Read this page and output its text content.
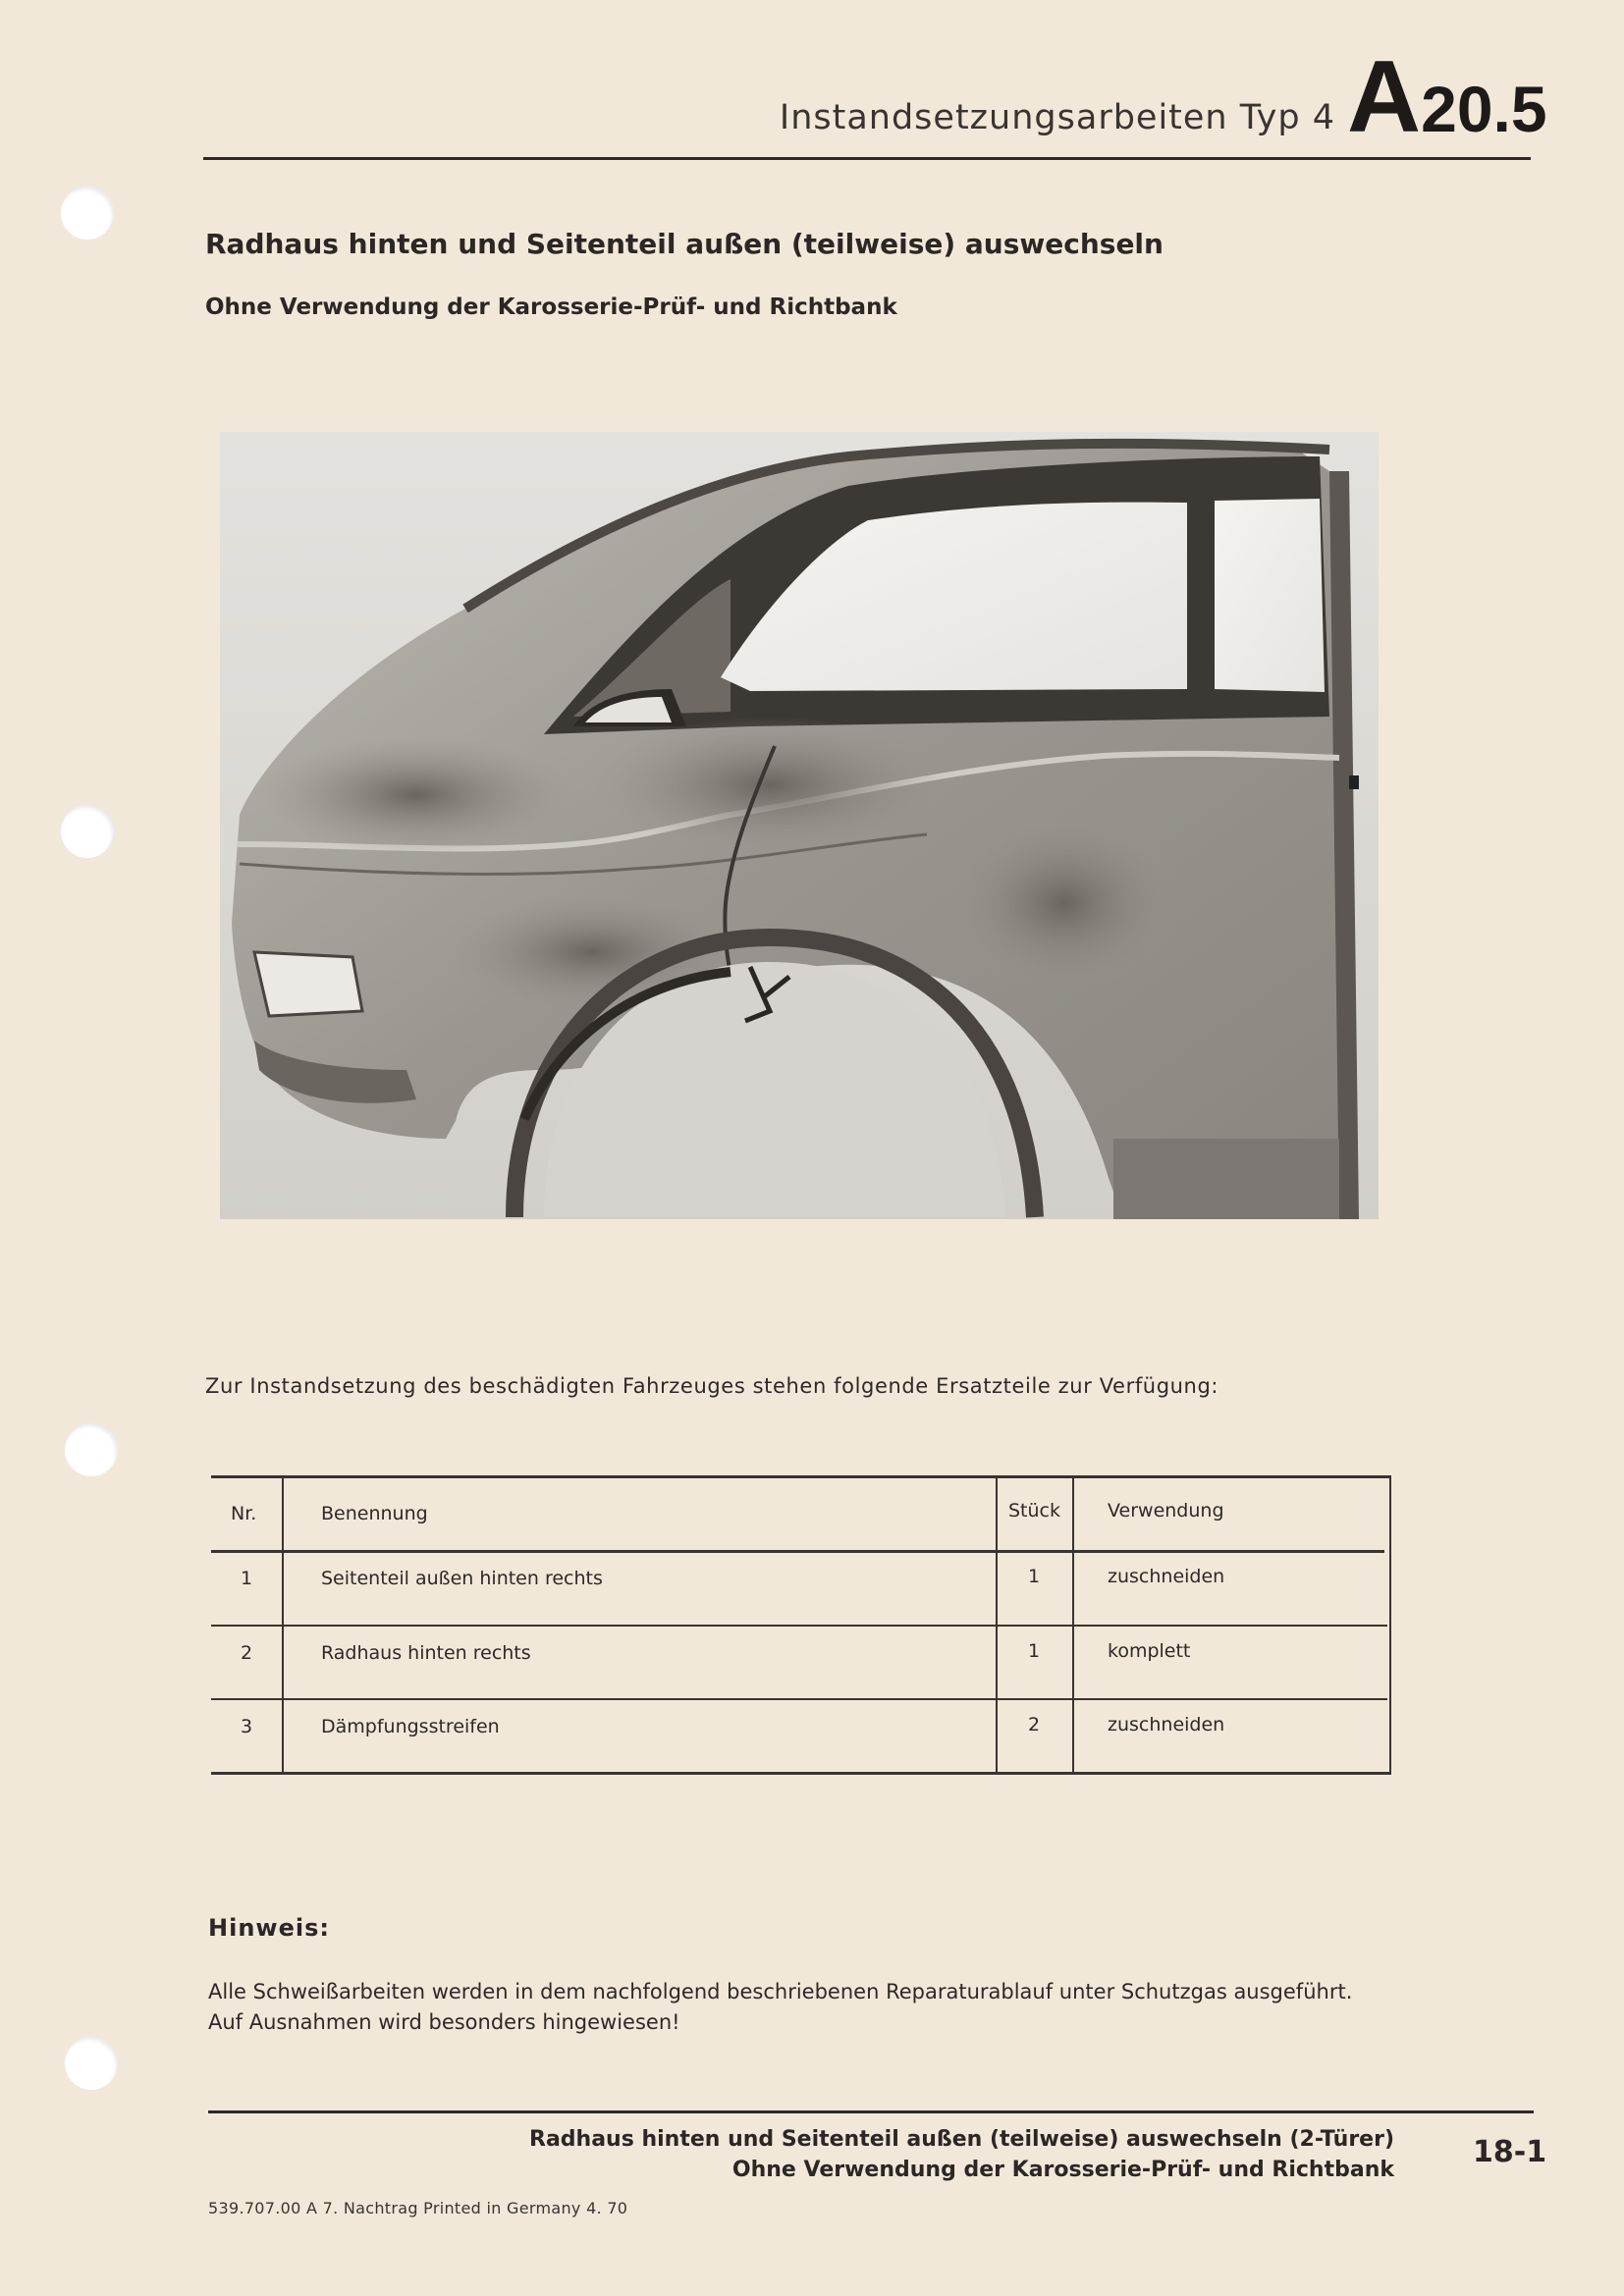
Instandsetzungsarbeiten Typ 4 A20.5
Radhaus hinten und Seitenteil außen (teilweise) auswechseln
Ohne Verwendung der Karosserie-Prüf- und Richtbank
Zur Instandsetzung des beschädigten Fahrzeuges stehen folgende Ersatzteile zur Verfügung:
Nr.	Benennung	Stück	Verwendung
1	Seitenteil außen hinten rechts	1	zuschneiden
2	Radhaus hinten rechts	1	komplett
3	Dämpfungsstreifen	2	zuschneiden
Hinweis:
Alle Schweißarbeiten werden in dem nachfolgend beschriebenen Reparaturablauf unter Schutzgas ausgeführt.
Auf Ausnahmen wird besonders hingewiesen!
Radhaus hinten und Seitenteil außen (teilweise) auswechseln (2-Türer)
Ohne Verwendung der Karosserie-Prüf- und Richtbank
18-1
539.707.00 A 7. Nachtrag Printed in Germany 4. 70
